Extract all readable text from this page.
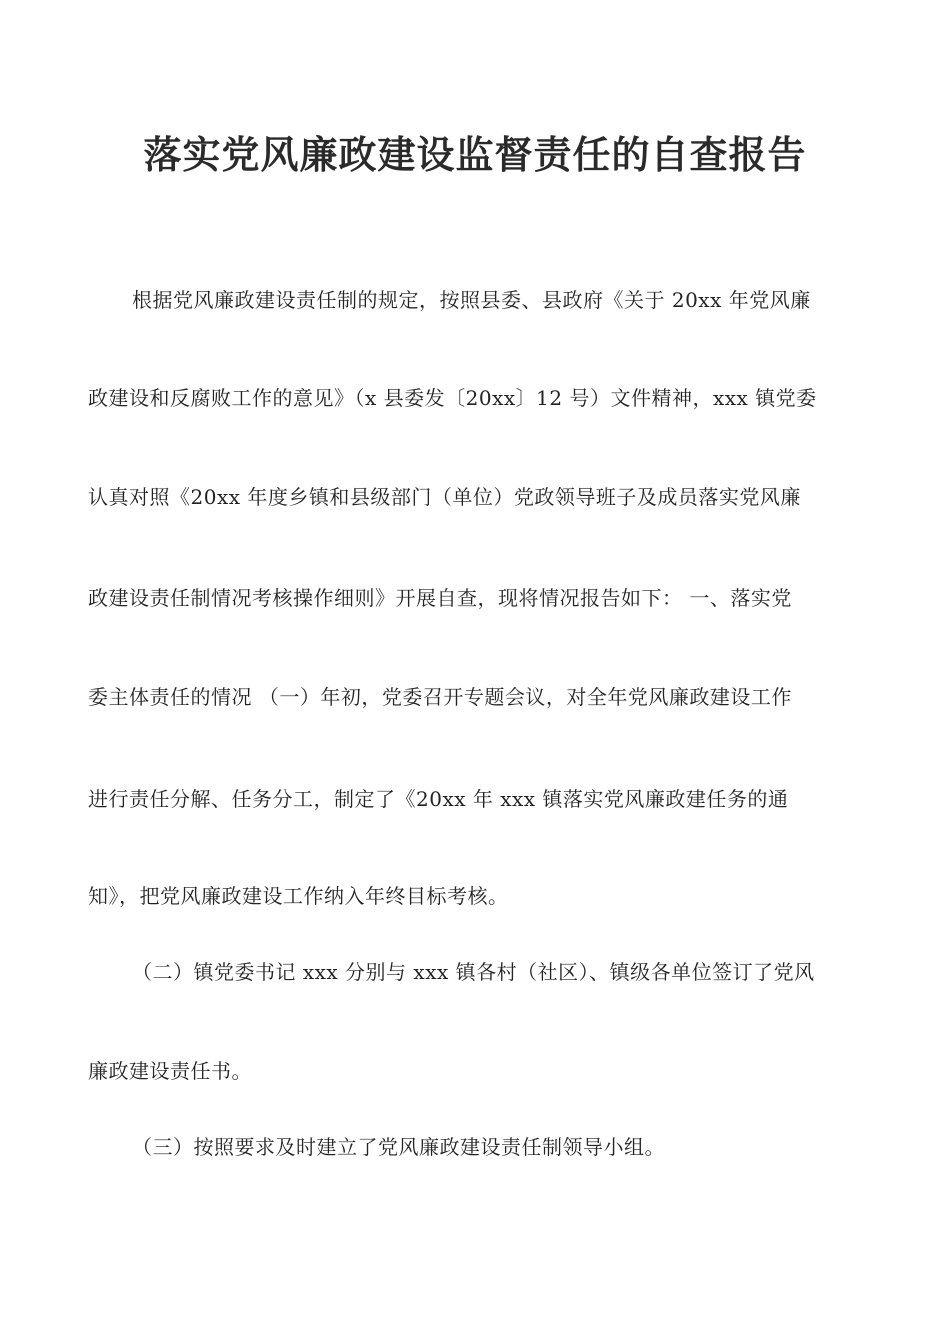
落实党风廉政建设监督责任的自查报告
根据党风廉政建设责任制的规定，按照县委、县政府《关于 20xx 年党风廉
政建设和反腐败工作的意见》（x 县委发〔20xx〕12 号）文件精神，xxx 镇党委
认真对照《20xx 年度乡镇和县级部门（单位）党政领导班子及成员落实党风廉
政建设责任制情况考核操作细则》开展自查，现将情况报告如下： 一、落实党
委主体责任的情况 （一）年初，党委召开专题会议，对全年党风廉政建设工作
进行责任分解、任务分工，制定了《20xx 年 xxx 镇落实党风廉政建任务的通
知》，把党风廉政建设工作纳入年终目标考核。
（二）镇党委书记 xxx 分别与 xxx 镇各村（社区）、镇级各单位签订了党风
廉政建设责任书。
（三）按照要求及时建立了党风廉政建设责任制领导小组。
